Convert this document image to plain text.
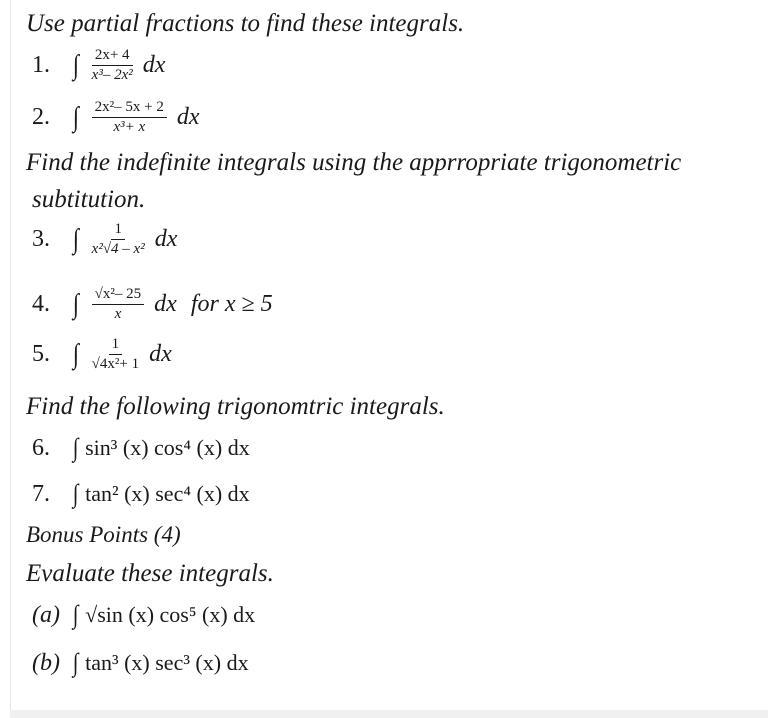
Use partial fractions to find these integrals.
1. ∫ $\frac{2x+ 4}{\text{x³– 2x²}}$ dx
2. ∫ $\frac{\text{2x²– 5x + 2}}{\text{x³+ x}}$ dx
Find the indefinite integrals using the apprropriate trigonometric
subtitution.
3. ∫ $\frac{1}{\text{x²√4 – x²}}$ dx
4. ∫ $\frac{\text{√x²– 25}}{x}$ dx for x ≥ 5
5. ∫ $\frac{1}{\text{√4x²+ 1}}$ dx
Find the following trigonomtric integrals.
6. ∫ sin³ (x) cos⁴ (x) dx
7. ∫ tan² (x) sec⁴ (x) dx
Bonus Points (4)
Evaluate these integrals.
(a) ∫ √sin (x) cos⁵ (x) dx
(b) ∫ tan³ (x) sec³ (x) dx
